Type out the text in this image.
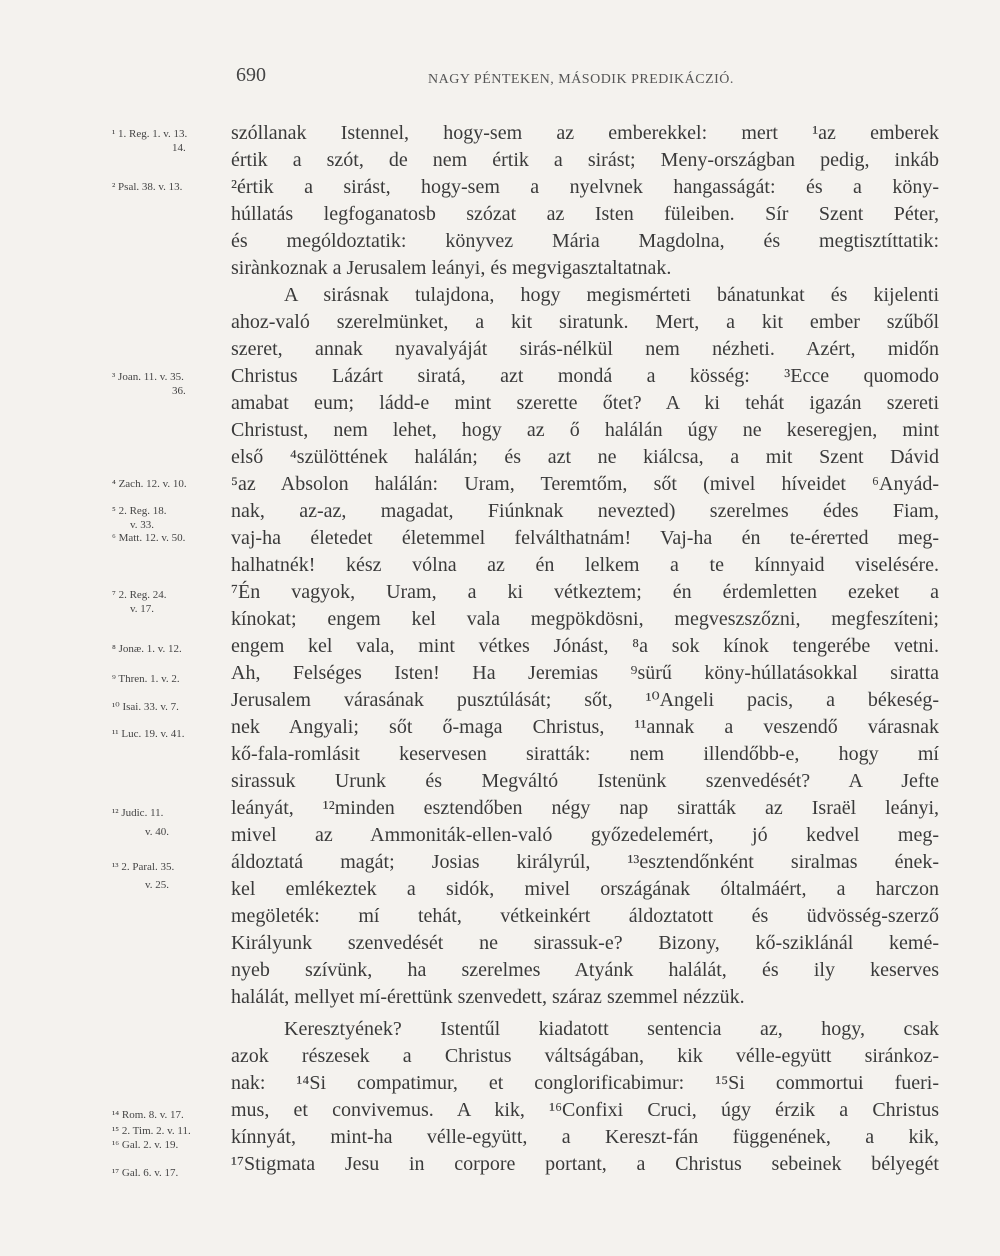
690	NAGY PÉNTEKEN, MÁSODIK PREDIKÁCZIÓ.
¹ 1. Reg. 1. v. 13.
14.
² Psal. 38. v. 13.
³ Joan. 11. v. 35.
36.
⁴ Zach. 12. v. 10.
⁵ 2. Reg. 18.
v. 33.
⁶ Matt. 12. v. 50.
⁷ 2. Reg. 24.
v. 17.
⁸ Jonæ. 1. v. 12.
⁹ Thren. 1. v. 2.
¹⁰ Isai. 33. v. 7.
¹¹ Luc. 19. v. 41.
¹² Judic. 11.
v. 40.
¹³ 2. Paral. 35.
v. 25.
¹⁴ Rom. 8. v. 17.
¹⁵ 2. Tim. 2. v. 11.
¹⁶ Gal. 2. v. 19.
¹⁷ Gal. 6. v. 17.
szóllanak Istennel, hogy-sem az emberekkel: mert ¹az emberek
értik a szót, de nem értik a sirást; Meny-országban pedig, inkáb
²értik a sirást, hogy-sem a nyelvnek hangasságát: és a köny-
húllatás legfoganatosb szózat az Isten füleiben. Sír Szent Péter,
és mególdoztatik: könyvez Mária Magdolna, és megtisztíttatik:
sirànkoznak a Jerusalem leányi, és megvigasztaltatnak.
A sirásnak tulajdona, hogy megismérteti bánatunkat és kijelenti
ahoz-való szerelmünket, a kit siratunk. Mert, a kit ember szűből
szeret, annak nyavalyáját sirás-nélkül nem nézheti. Azért, midőn
Christus Lázárt siratá, azt mondá a kösség: ³Ecce quomodo
amabat eum; ládd-e mint szerette őtet? A ki tehát igazán szereti
Christust, nem lehet, hogy az ő halálán úgy ne keseregjen, mint
első ⁴szülöttének halálán; és azt ne kiálcsa, a mit Szent Dávid
⁵az Absolon halálán: Uram, Teremtőm, sőt (mivel híveidet ⁶Anyád-
nak, az-az, magadat, Fiúnknak nevezted) szerelmes édes Fiam,
vaj-ha életedet életemmel felválthatnám! Vaj-ha én te-érетted meg-
halhatnék! kész vólna az én lelkem a te kínnyaid viselésére.
⁷Én vagyok, Uram, a ki vétkeztem; én érdemletten ezeket a
kínokat; engem kel vala megpökdösni, megveszszőzni, megfeszíteni;
engem kel vala, mint vétkes Jónást, ⁸a sok kínok tengerébe vetni.
Ah, Felséges Isten! Ha Jeremias ⁹sürű köny-húllatásokkal siratta
Jerusalem várasának pusztúlását; sőt, ¹⁰Angeli pacis, a békeség-
nek Angyali; sőt ő-maga Christus, ¹¹annak a veszendő várasnak
kő-fala-romlásit keservesen siratták: nem illendőbb-e, hogy mí
sirassuk Urunk és Megváltó Istenünk szenvedését? A Jefte
leányát, ¹²minden esztendőben négy nap siratták az Israël leányi,
mivel az Ammoniták-ellen-való győzedelemért, jó kedvel meg-
áldoztatá magát; Josias királyrúl, ¹³esztendőnként siralmas ének-
kel emlékeztek a sidók, mivel országának óltalmáért, a harczon
megöleték: mí tehát, vétkeinkért áldoztatott és üdvösség-szerző
Királyunk szenvedését ne sirassuk-e? Bizony, kő-sziklánál kemé-
nyeb szívünk, ha szerelmes Atyánk halálát, és ily keserves
halálát, mellyet mí-érettünk szenvedett, száraz szemmel nézzük.
Keresztyének? Istentűl kiadatott sentencia az, hogy, csak
azok részesek a Christus váltságában, kik vélle-együtt siránkoz-
nak: ¹⁴Si compatimur, et conglorificabimur: ¹⁵Si commortui fueri-
mus, et convivemus. A kik, ¹⁶Confixi Cruci, úgy érzik a Christus
kínnyát, mint-ha vélle-együtt, a Kereszt-fán függenének, a kik,
¹⁷Stigmata Jesu in corpore portant, a Christus sebeinek bélyegét
